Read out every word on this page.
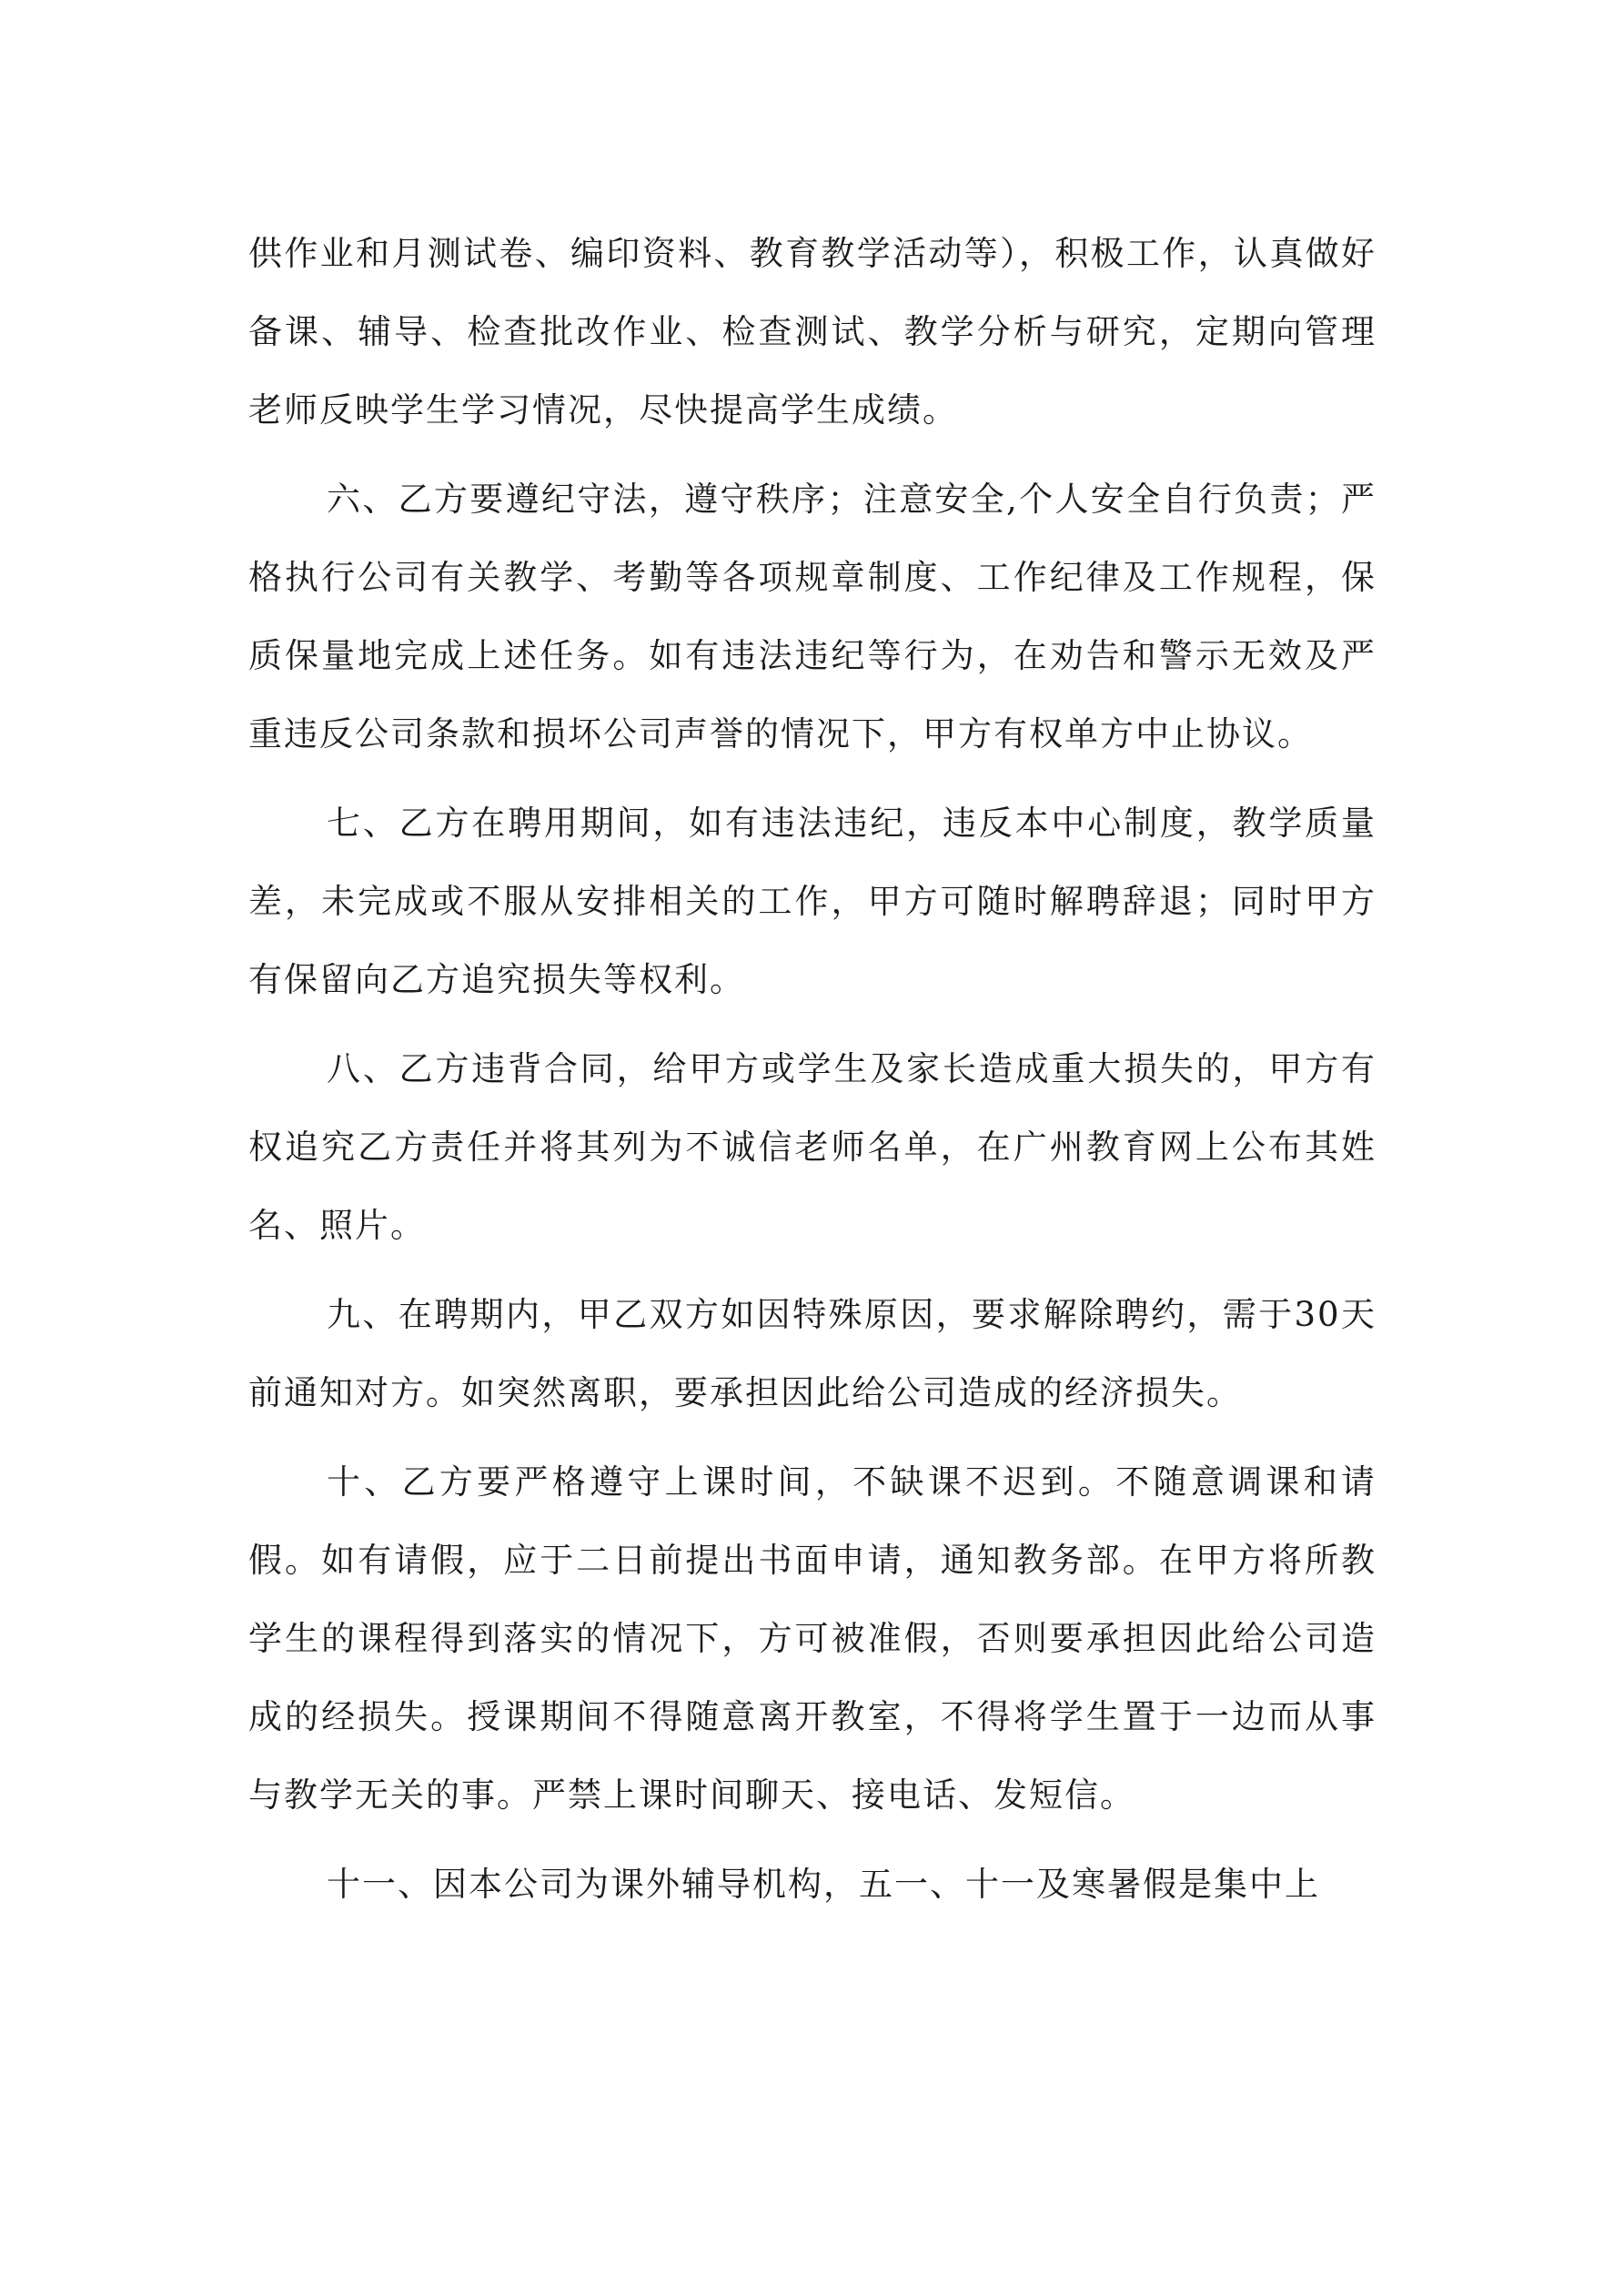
供作业和月测试卷、编印资料、教育教学活动等），积极工作，认真做好备课、辅导、检查批改作业、检查测试、教学分析与研究，定期向管理老师反映学生学习情况，尽快提高学生成绩。

六、乙方要遵纪守法，遵守秩序；注意安全,个人安全自行负责；严格执行公司有关教学、考勤等各项规章制度、工作纪律及工作规程，保质保量地完成上述任务。如有违法违纪等行为，在劝告和警示无效及严重违反公司条款和损坏公司声誉的情况下，甲方有权单方中止协议。

七、乙方在聘用期间，如有违法违纪，违反本中心制度，教学质量差，未完成或不服从安排相关的工作，甲方可随时解聘辞退；同时甲方有保留向乙方追究损失等权利。

八、乙方违背合同，给甲方或学生及家长造成重大损失的，甲方有权追究乙方责任并将其列为不诚信老师名单，在广州教育网上公布其姓名、照片。

九、在聘期内，甲乙双方如因特殊原因，要求解除聘约，需于30天前通知对方。如突然离职，要承担因此给公司造成的经济损失。

十、乙方要严格遵守上课时间，不缺课不迟到。不随意调课和请假。如有请假，应于二日前提出书面申请，通知教务部。在甲方将所教学生的课程得到落实的情况下，方可被准假，否则要承担因此给公司造成的经损失。授课期间不得随意离开教室，不得将学生置于一边而从事与教学无关的事。严禁上课时间聊天、接电话、发短信。

十一、因本公司为课外辅导机构，五一、十一及寒暑假是集中上
